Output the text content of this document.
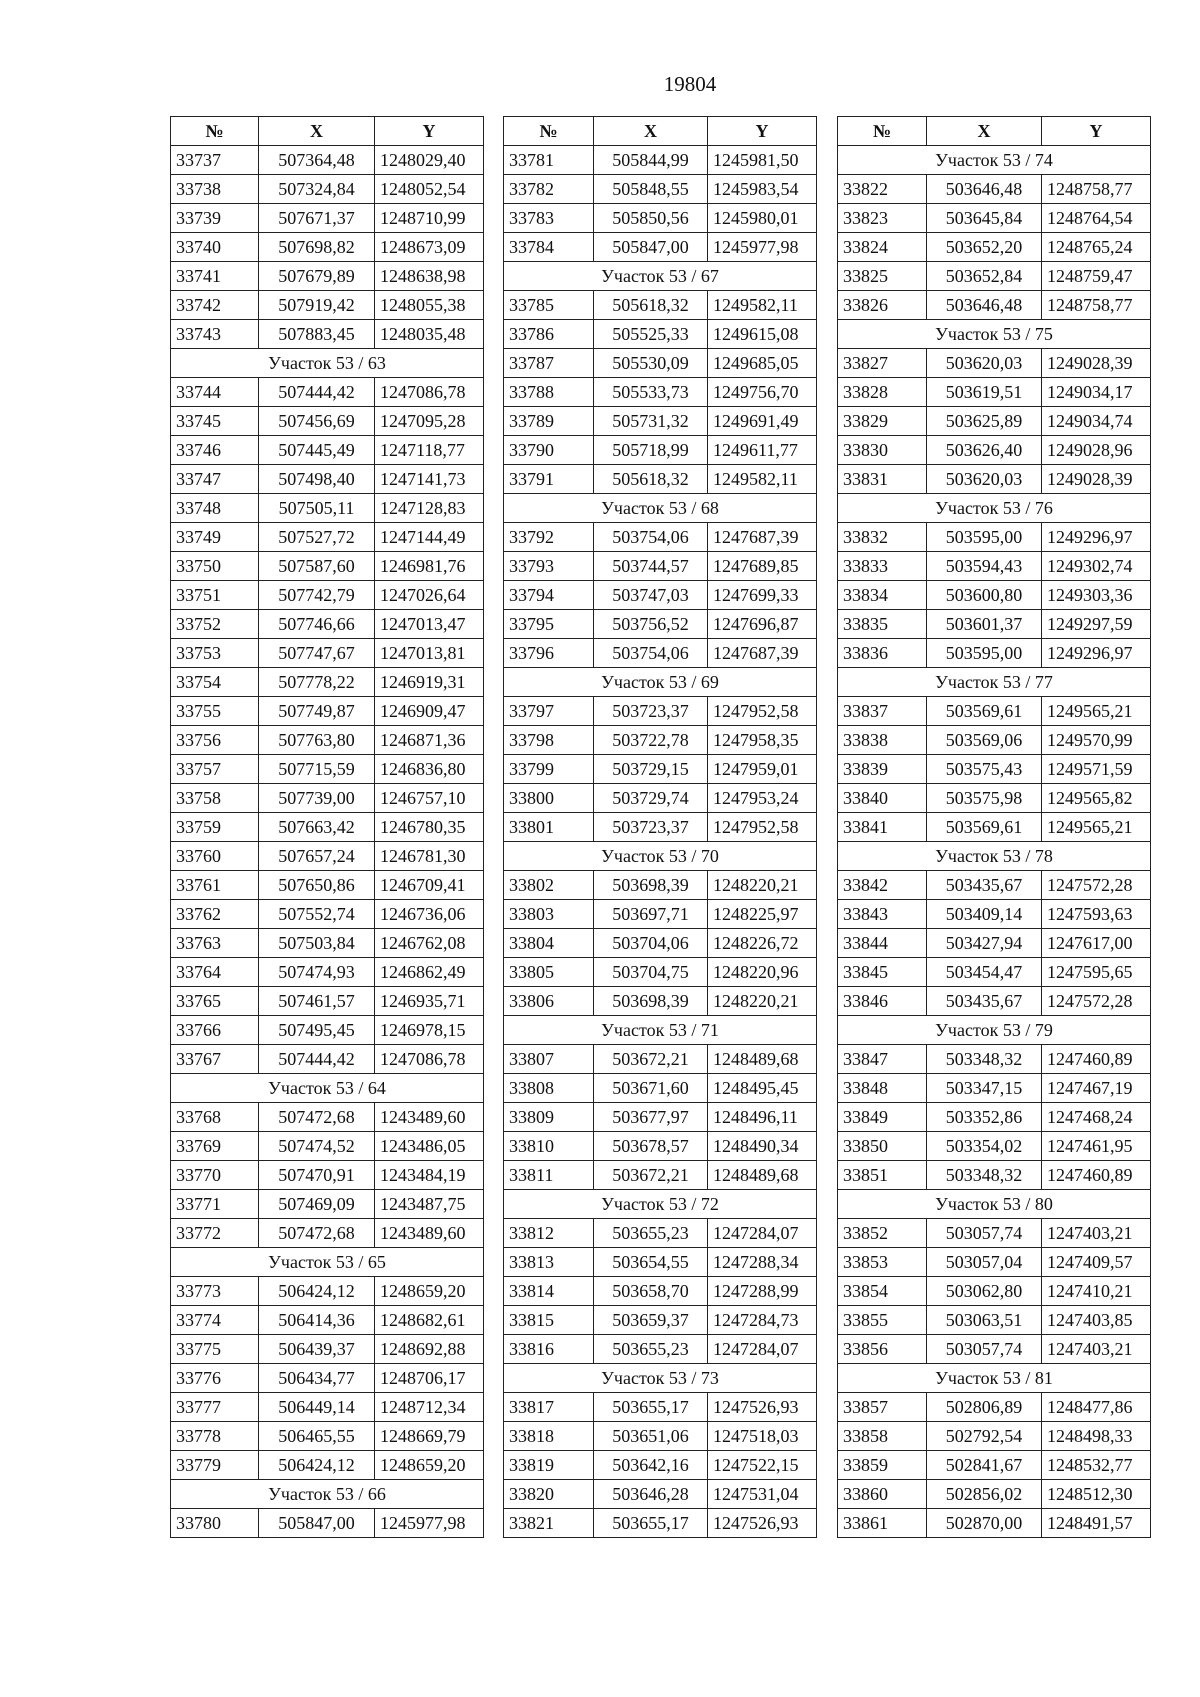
19804
№	X	Y
33737	507364,48	1248029,40
33738	507324,84	1248052,54
33739	507671,37	1248710,99
33740	507698,82	1248673,09
33741	507679,89	1248638,98
33742	507919,42	1248055,38
33743	507883,45	1248035,48
Участок 53 / 63		
33744	507444,42	1247086,78
33745	507456,69	1247095,28
33746	507445,49	1247118,77
33747	507498,40	1247141,73
33748	507505,11	1247128,83
33749	507527,72	1247144,49
33750	507587,60	1246981,76
33751	507742,79	1247026,64
33752	507746,66	1247013,47
33753	507747,67	1247013,81
33754	507778,22	1246919,31
33755	507749,87	1246909,47
33756	507763,80	1246871,36
33757	507715,59	1246836,80
33758	507739,00	1246757,10
33759	507663,42	1246780,35
33760	507657,24	1246781,30
33761	507650,86	1246709,41
33762	507552,74	1246736,06
33763	507503,84	1246762,08
33764	507474,93	1246862,49
33765	507461,57	1246935,71
33766	507495,45	1246978,15
33767	507444,42	1247086,78
Участок 53 / 64		
33768	507472,68	1243489,60
33769	507474,52	1243486,05
33770	507470,91	1243484,19
33771	507469,09	1243487,75
33772	507472,68	1243489,60
Участок 53 / 65		
33773	506424,12	1248659,20
33774	506414,36	1248682,61
33775	506439,37	1248692,88
33776	506434,77	1248706,17
33777	506449,14	1248712,34
33778	506465,55	1248669,79
33779	506424,12	1248659,20
Участок 53 / 66		
33780	505847,00	1245977,98
№	X	Y
33781	505844,99	1245981,50
33782	505848,55	1245983,54
33783	505850,56	1245980,01
33784	505847,00	1245977,98
Участок 53 / 67		
33785	505618,32	1249582,11
33786	505525,33	1249615,08
33787	505530,09	1249685,05
33788	505533,73	1249756,70
33789	505731,32	1249691,49
33790	505718,99	1249611,77
33791	505618,32	1249582,11
Участок 53 / 68		
33792	503754,06	1247687,39
33793	503744,57	1247689,85
33794	503747,03	1247699,33
33795	503756,52	1247696,87
33796	503754,06	1247687,39
Участок 53 / 69		
33797	503723,37	1247952,58
33798	503722,78	1247958,35
33799	503729,15	1247959,01
33800	503729,74	1247953,24
33801	503723,37	1247952,58
Участок 53 / 70		
33802	503698,39	1248220,21
33803	503697,71	1248225,97
33804	503704,06	1248226,72
33805	503704,75	1248220,96
33806	503698,39	1248220,21
Участок 53 / 71		
33807	503672,21	1248489,68
33808	503671,60	1248495,45
33809	503677,97	1248496,11
33810	503678,57	1248490,34
33811	503672,21	1248489,68
Участок 53 / 72		
33812	503655,23	1247284,07
33813	503654,55	1247288,34
33814	503658,70	1247288,99
33815	503659,37	1247284,73
33816	503655,23	1247284,07
Участок 53 / 73		
33817	503655,17	1247526,93
33818	503651,06	1247518,03
33819	503642,16	1247522,15
33820	503646,28	1247531,04
33821	503655,17	1247526,93
№	X	Y
Участок 53 / 74		
33822	503646,48	1248758,77
33823	503645,84	1248764,54
33824	503652,20	1248765,24
33825	503652,84	1248759,47
33826	503646,48	1248758,77
Участок 53 / 75		
33827	503620,03	1249028,39
33828	503619,51	1249034,17
33829	503625,89	1249034,74
33830	503626,40	1249028,96
33831	503620,03	1249028,39
Участок 53 / 76		
33832	503595,00	1249296,97
33833	503594,43	1249302,74
33834	503600,80	1249303,36
33835	503601,37	1249297,59
33836	503595,00	1249296,97
Участок 53 / 77		
33837	503569,61	1249565,21
33838	503569,06	1249570,99
33839	503575,43	1249571,59
33840	503575,98	1249565,82
33841	503569,61	1249565,21
Участок 53 / 78		
33842	503435,67	1247572,28
33843	503409,14	1247593,63
33844	503427,94	1247617,00
33845	503454,47	1247595,65
33846	503435,67	1247572,28
Участок 53 / 79		
33847	503348,32	1247460,89
33848	503347,15	1247467,19
33849	503352,86	1247468,24
33850	503354,02	1247461,95
33851	503348,32	1247460,89
Участок 53 / 80		
33852	503057,74	1247403,21
33853	503057,04	1247409,57
33854	503062,80	1247410,21
33855	503063,51	1247403,85
33856	503057,74	1247403,21
Участок 53 / 81		
33857	502806,89	1248477,86
33858	502792,54	1248498,33
33859	502841,67	1248532,77
33860	502856,02	1248512,30
33861	502870,00	1248491,57
